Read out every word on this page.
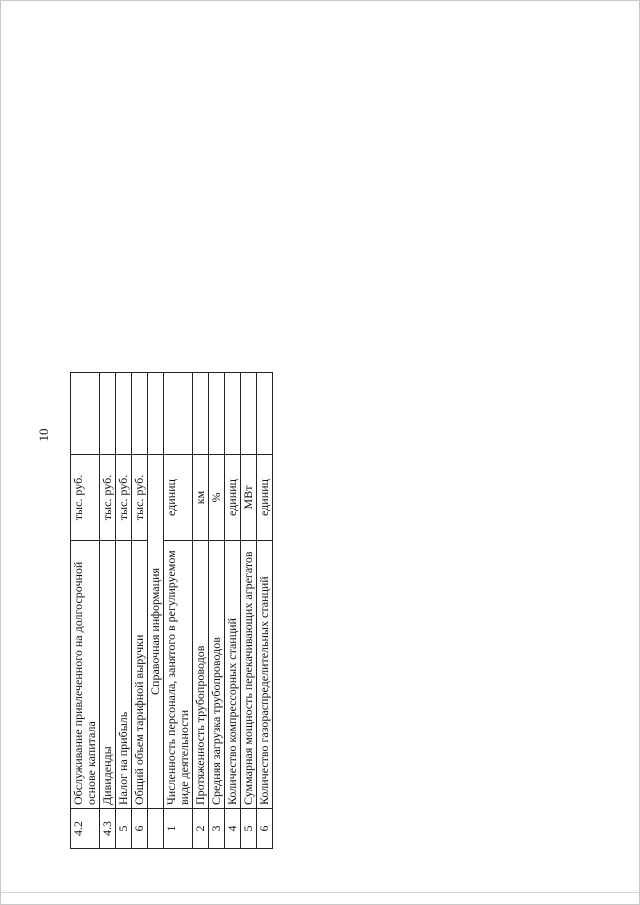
10
4.2	Обслуживание привлеченного на долгосрочной основе капитала	тыс. руб.	
4.3	Дивиденды	тыс. руб.	
5	Налог на прибыль	тыс. руб.	
6	Общий объем тарифной выручки	тыс. руб.	
	Справочная информация		
1	Численность персонала, занятого в регулируемом виде деятельности	единиц	
2	Протяженность трубопроводов	км	
3	Средняя загрузка трубопроводов	%	
4	Количество компрессорных станций	единиц	
5	Суммарная мощность перекачивающих агрегатов	МВт	
6	Количество газораспределительных станций	единиц	
